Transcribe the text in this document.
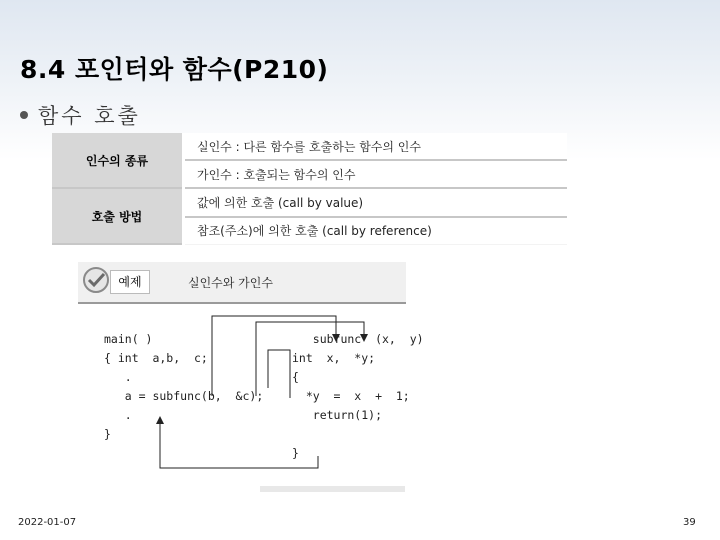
8.4 포인터와 함수(P210)
함수 호출
인수의 종류	실인수 : 다른 함수를 호출하는 함수의 인수
	가인수 : 호출되는 함수의 인수
호출 방법	값에 의한 호출 (call by value)
	참조(주소)에 의한 호출 (call by reference)
예제	실인수와 가인수
main( )
{ int  a,b,  c;
.
a = subfunc(b,  &c);
.
}
subfunc  (x,  y)
int  x,  *y;
{
*y  =  x  +  1;
return(1);

}
2022-01-07	39
